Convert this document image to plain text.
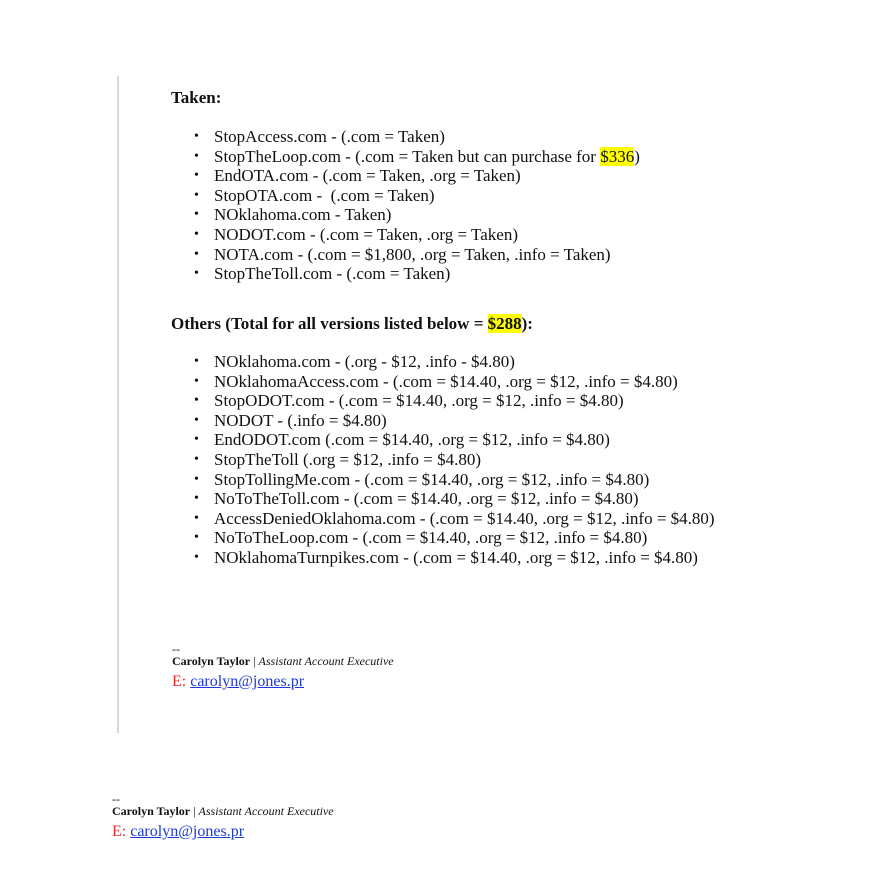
Taken:

• StopAccess.com - (.com = Taken)
• StopTheLoop.com - (.com = Taken but can purchase for $336)
• EndOTA.com - (.com = Taken, .org = Taken)
• StopOTA.com -  (.com = Taken)
• NOklahoma.com - Taken)
• NODOT.com - (.com = Taken, .org = Taken)
• NOTA.com - (.com = $1,800, .org = Taken, .info = Taken)
• StopTheToll.com - (.com = Taken)

Others (Total for all versions listed below = $288):

• NOklahoma.com - (.org - $12, .info - $4.80)
• NOklahomaAccess.com - (.com = $14.40, .org = $12, .info = $4.80)
• StopODOT.com - (.com = $14.40, .org = $12, .info = $4.80)
• NODOT - (.info = $4.80)
• EndODOT.com (.com = $14.40, .org = $12, .info = $4.80)
• StopTheToll (.org = $12, .info = $4.80)
• StopTollingMe.com - (.com = $14.40, .org = $12, .info = $4.80)
• NoToTheToll.com - (.com = $14.40, .org = $12, .info = $4.80)
• AccessDeniedOklahoma.com - (.com = $14.40, .org = $12, .info = $4.80)
• NoToTheLoop.com - (.com = $14.40, .org = $12, .info = $4.80)
• NOklahomaTurnpikes.com - (.com = $14.40, .org = $12, .info = $4.80)
--
Carolyn Taylor | Assistant Account Executive
E: carolyn@jones.pr
--
Carolyn Taylor | Assistant Account Executive
E: carolyn@jones.pr
